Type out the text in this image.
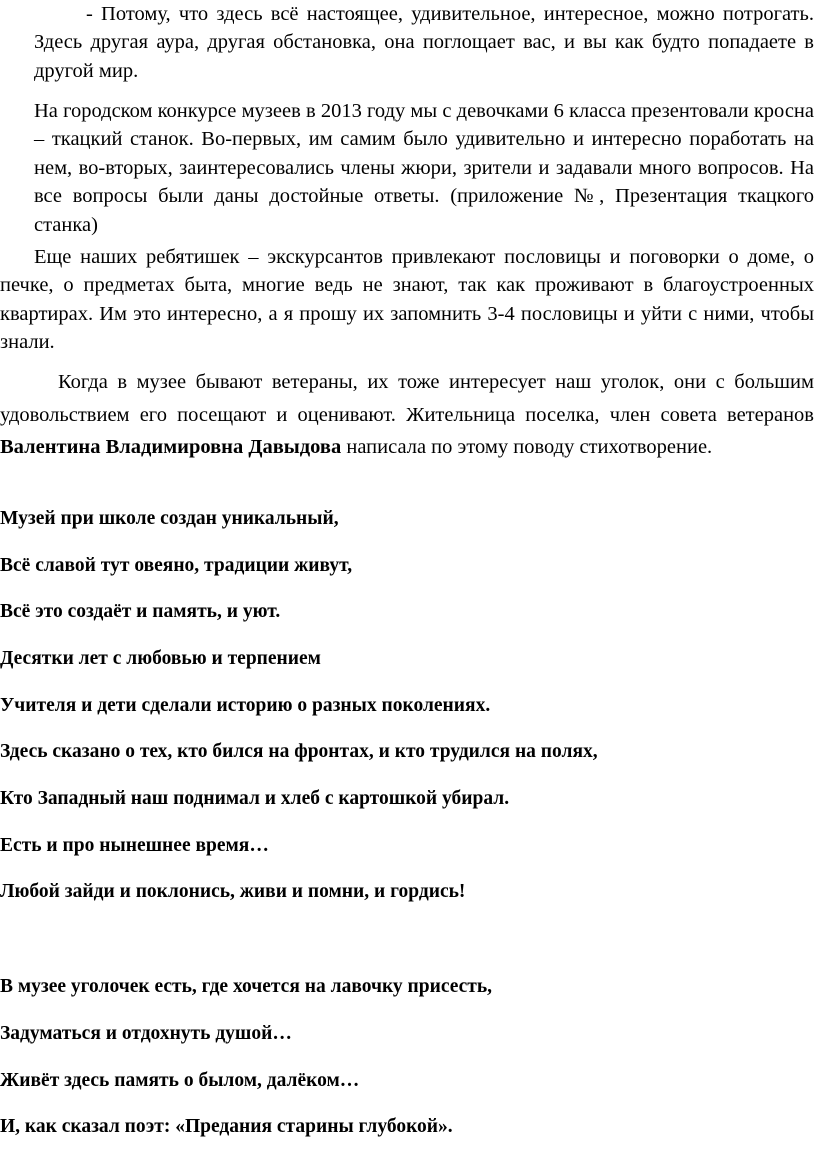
- Потому, что здесь всё настоящее, удивительное, интересное, можно потрогать. Здесь другая аура, другая обстановка, она поглощает вас, и вы как будто попадаете в другой мир.

На городском конкурсе музеев в 2013 году мы с девочками 6 класса презентовали кросна – ткацкий станок. Во-первых, им самим было удивительно и интересно поработать на нем, во-вторых, заинтересовались члены жюри, зрители и задавали много вопросов. На все вопросы были даны достойные ответы. (приложение №, Презентация ткацкого станка)

Еще наших ребятишек – экскурсантов привлекают пословицы и поговорки о доме, о печке, о предметах быта, многие ведь не знают, так как проживают в благоустроенных квартирах. Им это интересно, а я прошу их запомнить 3-4 пословицы и уйти с ними, чтобы знали.

Когда в музее бывают ветераны, их тоже интересует наш уголок, они с большим удовольствием его посещают и оценивают. Жительница поселка, член совета ветеранов Валентина Владимировна Давыдова написала по этому поводу стихотворение.

Музей при школе создан уникальный,

Всё славой тут овеяно, традиции живут,

Всё это создаёт и память, и уют.

Десятки лет с любовью и терпением

Учителя и дети сделали историю о разных поколениях.

Здесь сказано о тех, кто бился на фронтах, и кто трудился на полях,

Кто Западный наш поднимал и хлеб с картошкой убирал.

Есть и про нынешнее время…

Любой зайди и поклонись, живи и помни, и гордись!

В музее уголочек есть, где хочется на лавочку присесть,

Задуматься и отдохнуть душой…

Живёт здесь память о былом, далёком…

И, как сказал поэт: «Предания старины глубокой».
